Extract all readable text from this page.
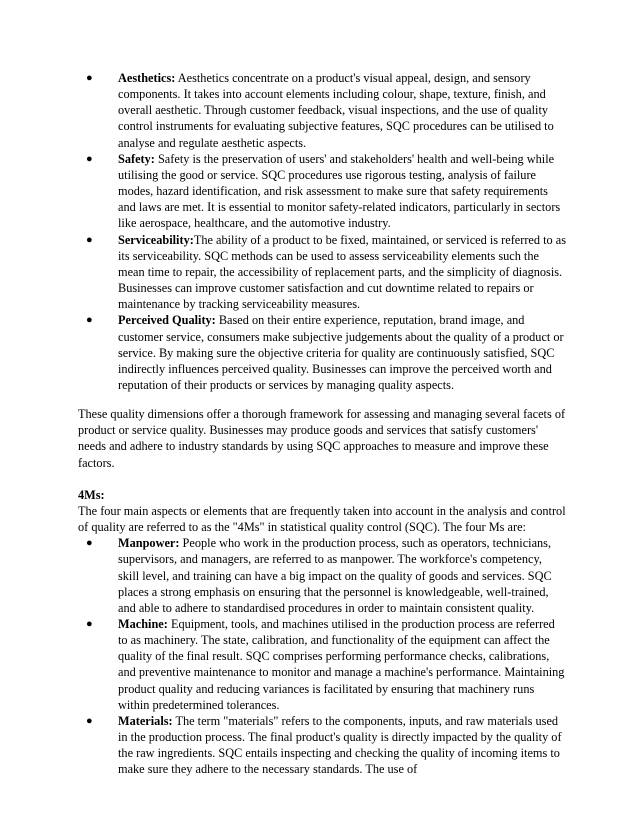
● Aesthetics: Aesthetics concentrate on a product's visual appeal, design, and sensory components. It takes into account elements including colour, shape, texture, finish, and overall aesthetic. Through customer feedback, visual inspections, and the use of quality control instruments for evaluating subjective features, SQC procedures can be utilised to analyse and regulate aesthetic aspects.
● Safety: Safety is the preservation of users' and stakeholders' health and well-being while utilising the good or service. SQC procedures use rigorous testing, analysis of failure modes, hazard identification, and risk assessment to make sure that safety requirements and laws are met. It is essential to monitor safety-related indicators, particularly in sectors like aerospace, healthcare, and the automotive industry.
● Serviceability:The ability of a product to be fixed, maintained, or serviced is referred to as its serviceability. SQC methods can be used to assess serviceability elements such the mean time to repair, the accessibility of replacement parts, and the simplicity of diagnosis. Businesses can improve customer satisfaction and cut downtime related to repairs or maintenance by tracking serviceability measures.
● Perceived Quality: Based on their entire experience, reputation, brand image, and customer service, consumers make subjective judgements about the quality of a product or service. By making sure the objective criteria for quality are continuously satisfied, SQC indirectly influences perceived quality. Businesses can improve the perceived worth and reputation of their products or services by managing quality aspects.

These quality dimensions offer a thorough framework for assessing and managing several facets of product or service quality. Businesses may produce goods and services that satisfy customers' needs and adhere to industry standards by using SQC approaches to measure and improve these factors.

4Ms:

The four main aspects or elements that are frequently taken into account in the analysis and control of quality are referred to as the "4Ms" in statistical quality control (SQC). The four Ms are:

● Manpower: People who work in the production process, such as operators, technicians, supervisors, and managers, are referred to as manpower. The workforce's competency, skill level, and training can have a big impact on the quality of goods and services. SQC places a strong emphasis on ensuring that the personnel is knowledgeable, well-trained, and able to adhere to standardised procedures in order to maintain consistent quality.
● Machine: Equipment, tools, and machines utilised in the production process are referred to as machinery. The state, calibration, and functionality of the equipment can affect the quality of the final result. SQC comprises performing performance checks, calibrations, and preventive maintenance to monitor and manage a machine's performance. Maintaining product quality and reducing variances is facilitated by ensuring that machinery runs within predetermined tolerances.
● Materials: The term "materials" refers to the components, inputs, and raw materials used in the production process. The final product's quality is directly impacted by the quality of the raw ingredients. SQC entails inspecting and checking the quality of incoming items to make sure they adhere to the necessary standards. The use of
